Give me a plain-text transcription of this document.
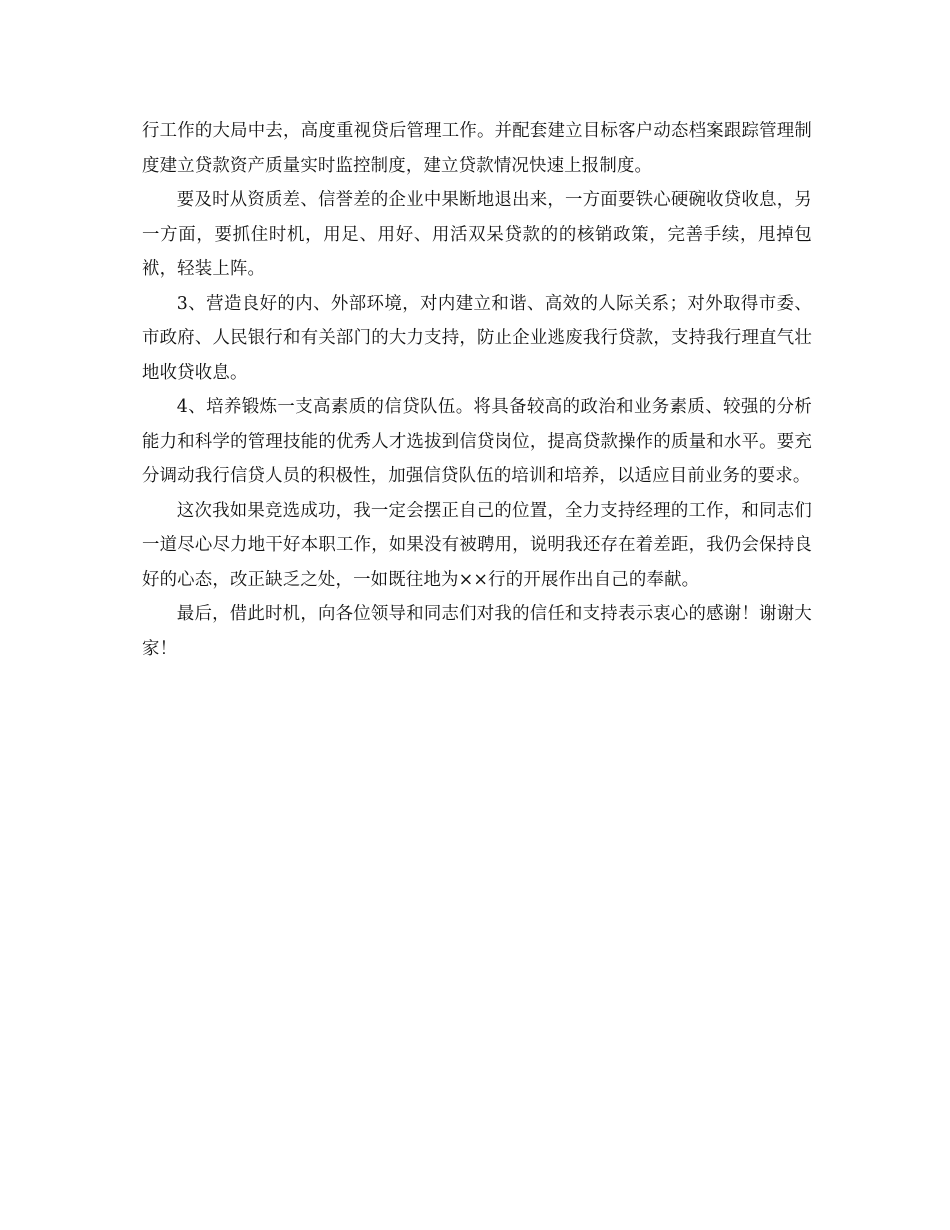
行工作的大局中去，高度重视贷后管理工作。并配套建立目标客户动态档案跟踪管理制度建立贷款资产质量实时监控制度，建立贷款情况快速上报制度。

要及时从资质差、信誉差的企业中果断地退出来，一方面要铁心硬碗收贷收息，另一方面，要抓住时机，用足、用好、用活双呆贷款的的核销政策，完善手续，甩掉包袱，轻装上阵。

3、营造良好的内、外部环境，对内建立和谐、高效的人际关系；对外取得市委、市政府、人民银行和有关部门的大力支持，防止企业逃废我行贷款，支持我行理直气壮地收贷收息。

4、培养锻炼一支高素质的信贷队伍。将具备较高的政治和业务素质、较强的分析能力和科学的管理技能的优秀人才选拔到信贷岗位，提高贷款操作的质量和水平。要充分调动我行信贷人员的积极性，加强信贷队伍的培训和培养，以适应目前业务的要求。

这次我如果竞选成功，我一定会摆正自己的位置，全力支持经理的工作，和同志们一道尽心尽力地干好本职工作，如果没有被聘用，说明我还存在着差距，我仍会保持良好的心态，改正缺乏之处，一如既往地为××行的开展作出自己的奉献。

最后，借此时机，向各位领导和同志们对我的信任和支持表示衷心的感谢！谢谢大家！
